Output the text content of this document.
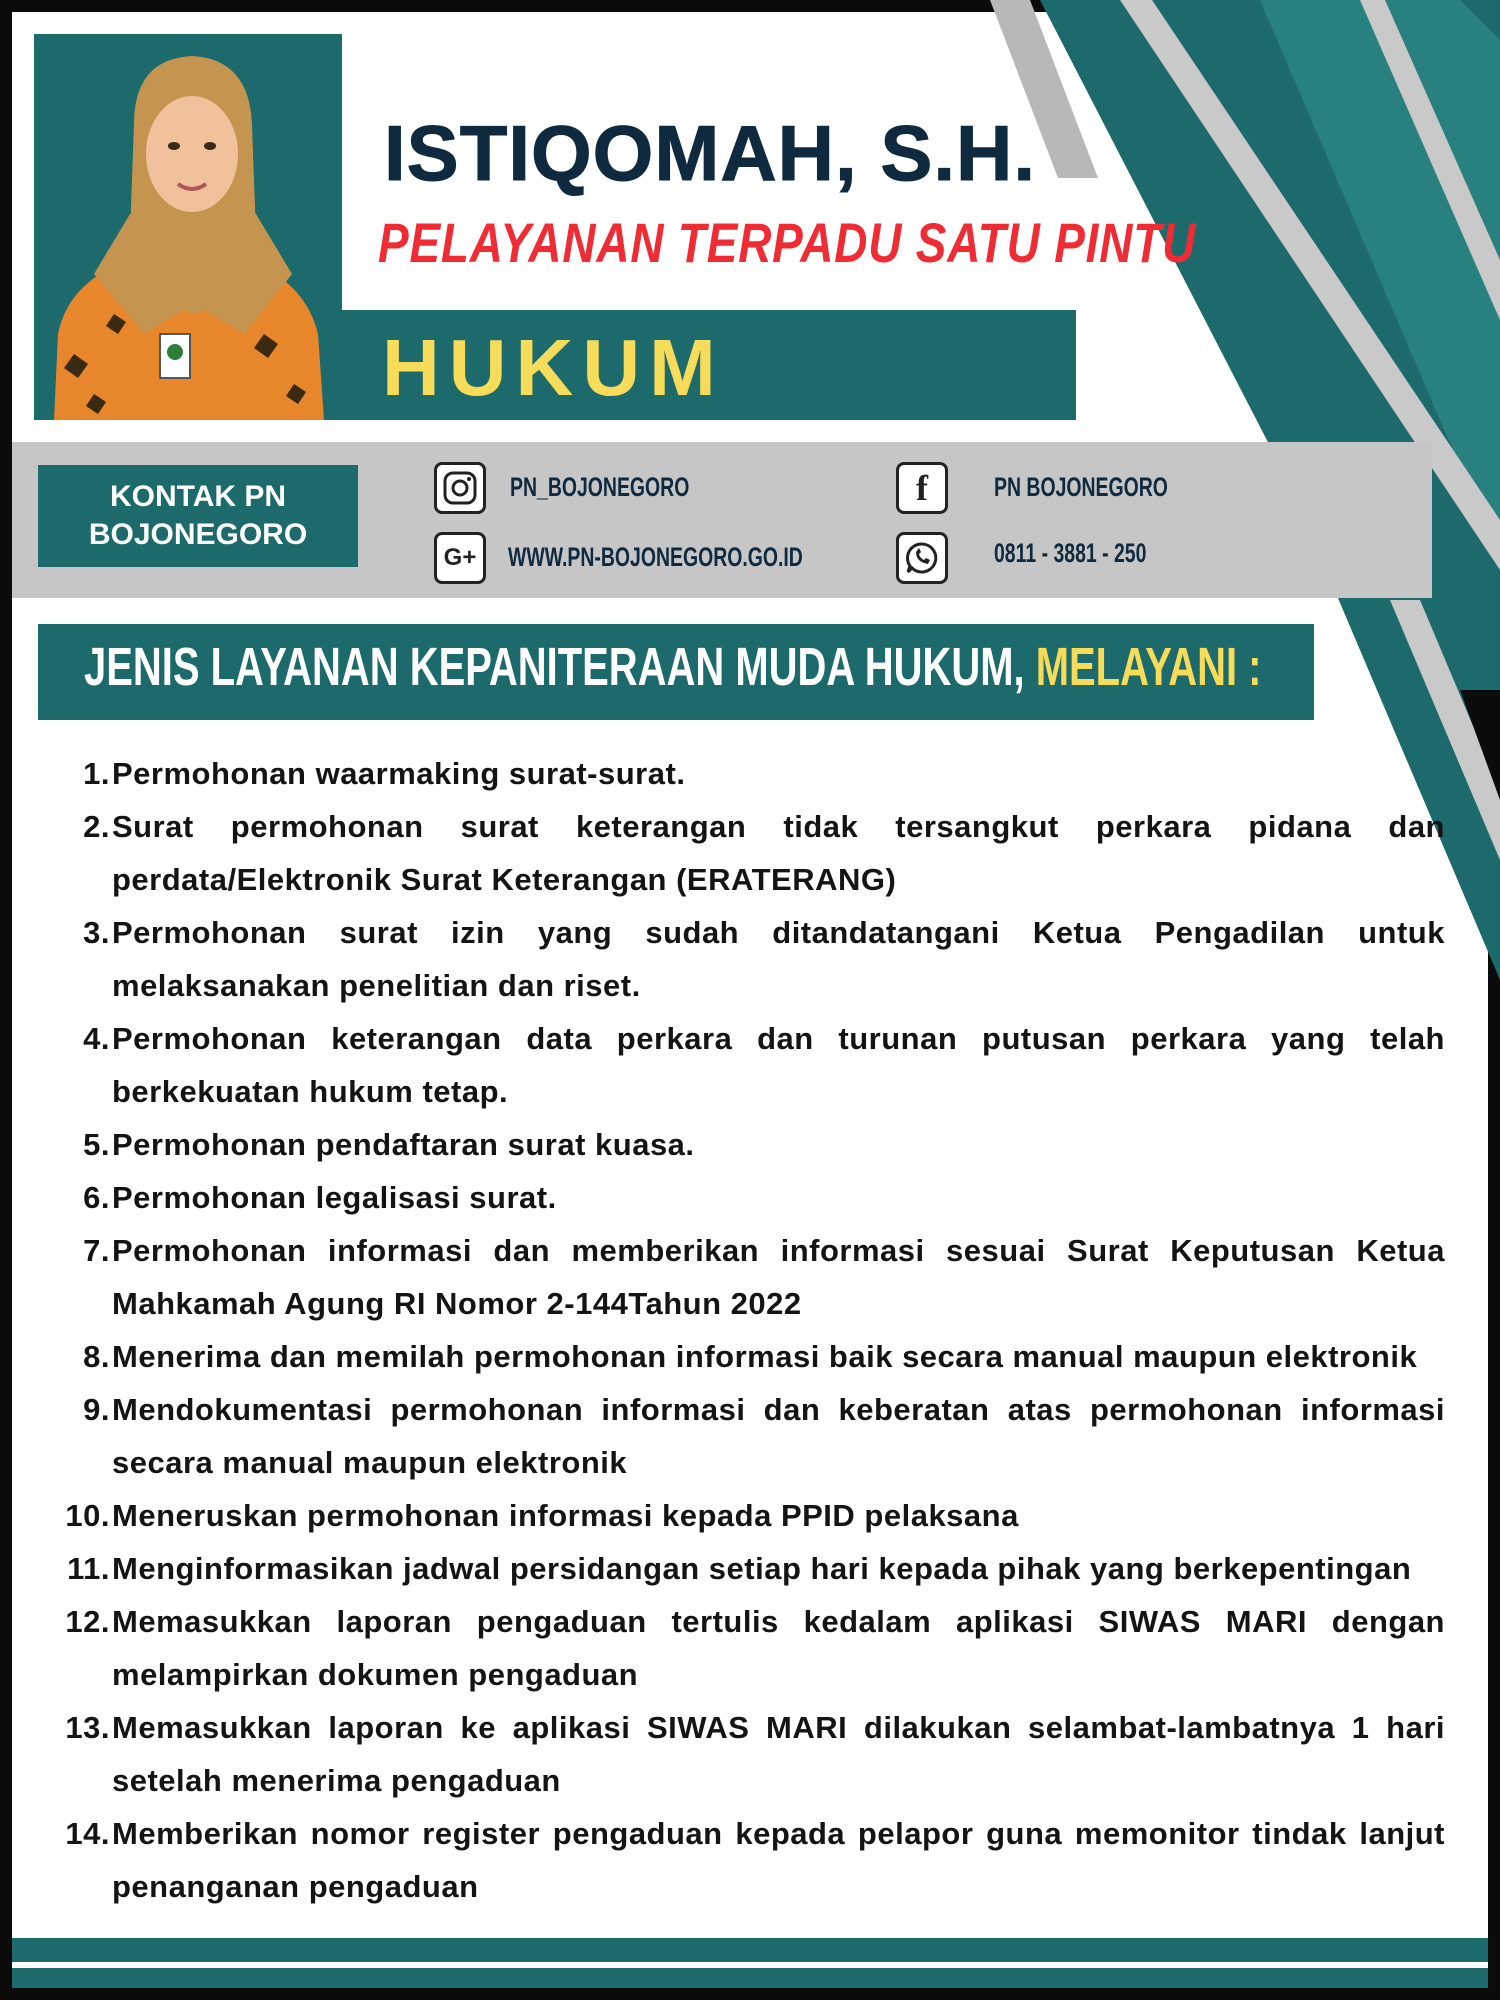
ISTIQOMAH, S.H.
PELAYANAN TERPADU SATU PINTU
HUKUM
KONTAK PN BOJONEGORO
PN_BOJONEGORO
G+ WWW.PN-BOJONEGORO.GO.ID
f PN BOJONEGORO
0811 - 3881 - 250
JENIS LAYANAN KEPANITERAAN MUDA HUKUM, MELAYANI :
1. Permohonan waarmaking surat-surat.
2. Surat permohonan surat keterangan tidak tersangkut perkara pidana dan perdata/Elektronik Surat Keterangan (ERATERANG)
3. Permohonan surat izin yang sudah ditandatangani Ketua Pengadilan untuk melaksanakan penelitian dan riset.
4. Permohonan keterangan data perkara dan turunan putusan perkara yang telah berkekuatan hukum tetap.
5. Permohonan pendaftaran surat kuasa.
6. Permohonan legalisasi surat.
7. Permohonan informasi dan memberikan informasi sesuai Surat Keputusan Ketua Mahkamah Agung RI Nomor 2-144Tahun 2022
8. Menerima dan memilah permohonan informasi baik secara manual maupun elektronik
9. Mendokumentasi permohonan informasi dan keberatan atas permohonan informasi secara manual maupun elektronik
10. Meneruskan permohonan informasi kepada PPID pelaksana
11. Menginformasikan jadwal persidangan setiap hari kepada pihak yang berkepentingan
12. Memasukkan laporan pengaduan tertulis kedalam aplikasi SIWAS MARI dengan melampirkan dokumen pengaduan
13. Memasukkan laporan ke aplikasi SIWAS MARI dilakukan selambat-lambatnya 1 hari setelah menerima pengaduan
14. Memberikan nomor register pengaduan kepada pelapor guna memonitor tindak lanjut penanganan pengaduan
